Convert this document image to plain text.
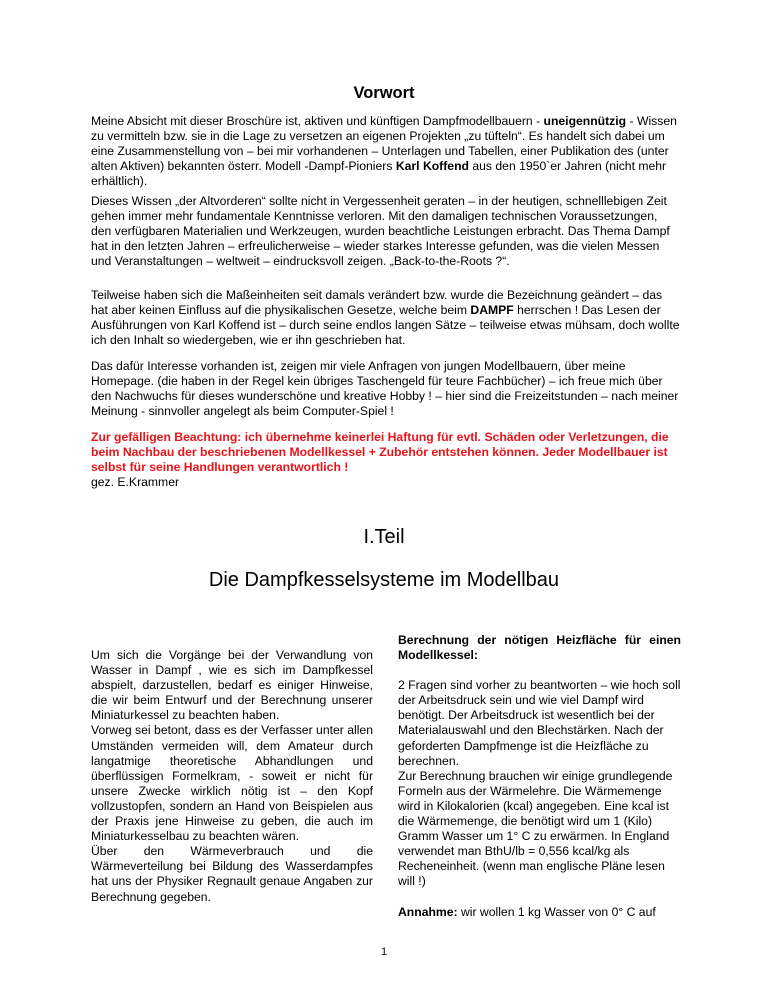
Vorwort

Meine Absicht mit dieser Broschüre ist, aktiven und künftigen Dampfmodellbauern - uneigennützig - Wissen zu vermitteln bzw. sie in die Lage zu versetzen an eigenen Projekten „zu tüfteln“. Es handelt sich dabei um eine Zusammenstellung von – bei mir vorhandenen – Unterlagen und Tabellen, einer Publikation des (unter alten Aktiven) bekannten österr. Modell -Dampf-Pioniers Karl Koffend aus den 1950`er Jahren (nicht mehr erhältlich).

Dieses Wissen „der Altvorderen“ sollte nicht in Vergessenheit geraten – in der heutigen, schnelllebigen Zeit gehen immer mehr fundamentale Kenntnisse verloren. Mit den damaligen technischen Voraussetzungen, den verfügbaren Materialien und Werkzeugen, wurden beachtliche Leistungen erbracht. Das Thema Dampf hat in den letzten Jahren – erfreulicherweise – wieder starkes Interesse gefunden, was die vielen Messen und Veranstaltungen – weltweit – eindrucksvoll zeigen. „Back-to-the-Roots ?“.

Teilweise haben sich die Maßeinheiten seit damals verändert bzw. wurde die Bezeichnung geändert – das hat aber keinen Einfluss auf die physikalischen Gesetze, welche beim DAMPF herrschen ! Das Lesen der Ausführungen von Karl Koffend ist – durch seine endlos langen Sätze – teilweise etwas mühsam, doch wollte ich den Inhalt so wiedergeben, wie er ihn geschrieben hat.

Das dafür Interesse vorhanden ist, zeigen mir viele Anfragen von jungen Modellbauern, über meine Homepage. (die haben in der Regel kein übriges Taschengeld für teure Fachbücher) – ich freue mich über den Nachwuchs für dieses wunderschöne und kreative Hobby ! – hier sind die Freizeitstunden – nach meiner Meinung - sinnvoller angelegt als beim Computer-Spiel !

Zur gefälligen Beachtung: ich übernehme keinerlei Haftung für evtl. Schäden oder Verletzungen, die beim Nachbau der beschriebenen Modellkessel + Zubehör entstehen können. Jeder Modellbauer ist selbst für seine Handlungen verantwortlich !

gez. E.Krammer

I.Teil
Die Dampfkesselsysteme im Modellbau

Um sich die Vorgänge bei der Verwandlung von Wasser in Dampf , wie es sich im Dampfkessel abspielt, darzustellen, bedarf es einiger Hinweise, die wir beim Entwurf und der Berechnung unserer Miniaturkessel zu beachten haben.

Vorweg sei betont, dass es der Verfasser unter allen Umständen vermeiden will, dem Amateur durch langatmige theoretische Abhandlungen und überflüssigen Formelkram, - soweit er nicht für unsere Zwecke wirklich nötig ist – den Kopf vollzustopfen, sondern an Hand von Beispielen aus der Praxis jene Hinweise zu geben, die auch im Miniaturkesselbau zu beachten wären.

Über den Wärmeverbrauch und die Wärmeverteilung bei Bildung des Wasserdampfes hat uns der Physiker Regnault genaue Angaben zur Berechnung gegeben.

Berechnung der nötigen Heizfläche für einen Modellkessel:

2 Fragen sind vorher zu beantworten – wie hoch soll der Arbeitsdruck sein und wie viel Dampf wird benötigt. Der Arbeitsdruck ist wesentlich bei der Materialauswahl und den Blechstärken. Nach der geforderten Dampfmenge ist die Heizfläche zu berechnen.

Zur Berechnung brauchen wir einige grundlegende Formeln aus der Wärmelehre. Die Wärmemenge wird in Kilokalorien (kcal) angegeben. Eine kcal ist die Wärmemenge, die benötigt wird um 1 (Kilo) Gramm Wasser um 1° C zu erwärmen. In England verwendet man BthU/lb = 0,556 kcal/kg als Recheneinheit. (wenn man englische Pläne lesen will !)

Annahme: wir wollen 1 kg Wasser von 0° C auf

1
